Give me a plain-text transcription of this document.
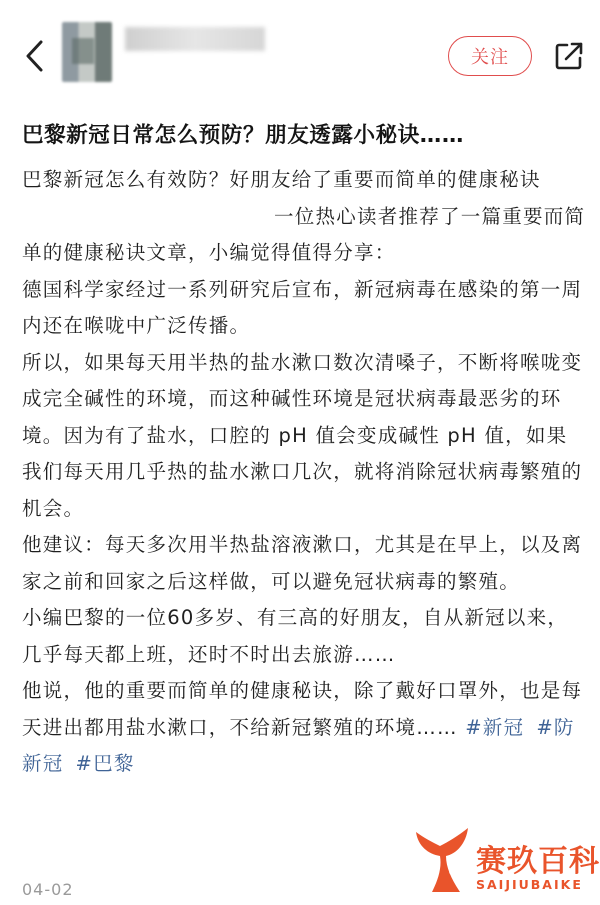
关注
巴黎新冠日常怎么预防？朋友透露小秘诀……

巴黎新冠怎么有效防？好朋友给了重要而简单的健康秘诀一位热心读者推荐了一篇重要而简单的健康秘诀文章，小编觉得值得分享：

德国科学家经过一系列研究后宣布，新冠病毒在感染的第一周内还在喉咙中广泛传播。

所以，如果每天用半热的盐水漱口数次清嗓子，不断将喉咙变成完全碱性的环境，而这种碱性环境是冠状病毒最恶劣的环境。因为有了盐水，口腔的 pH 值会变成碱性 pH 值，如果我们每天用几乎热的盐水漱口几次，就将消除冠状病毒繁殖的机会。

他建议：每天多次用半热盐溶液漱口，尤其是在早上，以及离家之前和回家之后这样做，可以避免冠状病毒的繁殖。

小编巴黎的一位60多岁、有三高的好朋友，自从新冠以来，几乎每天都上班，还时不时出去旅游……

他说，他的重要而简单的健康秘诀，除了戴好口罩外，也是每天进出都用盐水漱口，不给新冠繁殖的环境…… #新冠 #防新冠 #巴黎

04-02
赛玖百科
SAIJIUBAIKE
